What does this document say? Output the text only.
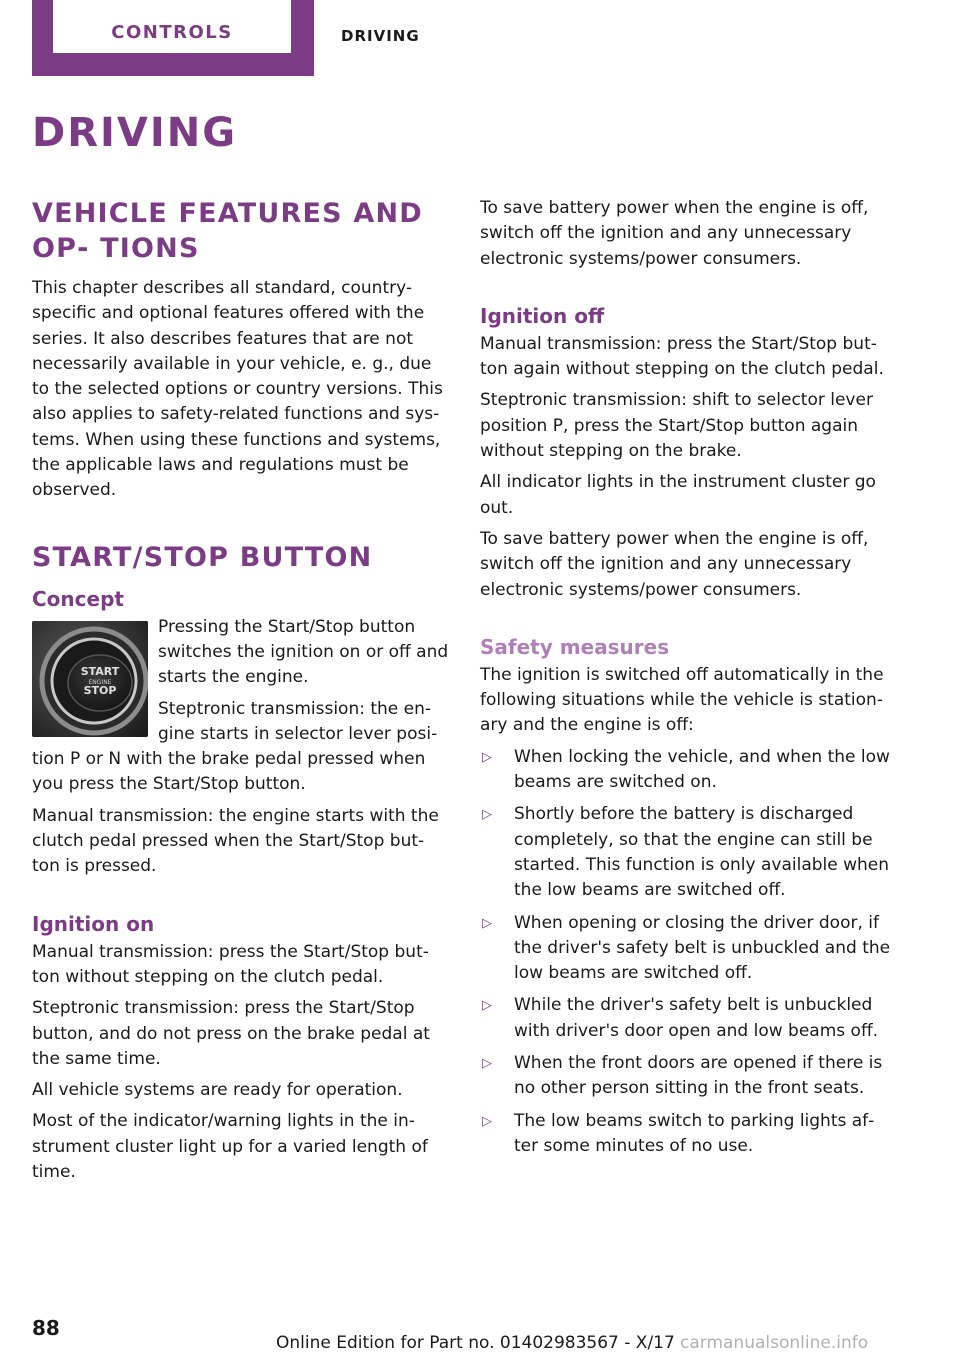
CONTROLS	DRIVING
DRIVING
VEHICLE FEATURES AND OP‐ TIONS

This chapter describes all standard, country-specific and optional features offered with the series. It also describes features that are not necessarily available in your vehicle, e. g., due to the selected options or country versions. This also applies to safety-related functions and sys‐ tems. When using these functions and systems, the applicable laws and regulations must be observed.

START/STOP BUTTON
Concept
START
ENGINE
STOP

Pressing the Start/Stop button switches the ignition on or off and starts the engine.

Steptronic transmission: the en‐ gine starts in selector lever posi‐ tion P or N with the brake pedal pressed when you press the Start/Stop button.

Manual transmission: the engine starts with the clutch pedal pressed when the Start/Stop but‐ ton is pressed.

Ignition on

Manual transmission: press the Start/Stop but‐ ton without stepping on the clutch pedal.

Steptronic transmission: press the Start/Stop button, and do not press on the brake pedal at the same time.

All vehicle systems are ready for operation.

Most of the indicator/warning lights in the in‐ strument cluster light up for a varied length of time.

To save battery power when the engine is off, switch off the ignition and any unnecessary electronic systems/power consumers.

Ignition off

Manual transmission: press the Start/Stop but‐ ton again without stepping on the clutch pedal.

Steptronic transmission: shift to selector lever position P, press the Start/Stop button again without stepping on the brake.

All indicator lights in the instrument cluster go out.

To save battery power when the engine is off, switch off the ignition and any unnecessary electronic systems/power consumers.

Safety measures

The ignition is switched off automatically in the following situations while the vehicle is station‐ ary and the engine is off:

▷ When locking the vehicle, and when the low beams are switched on.
▷ Shortly before the battery is discharged completely, so that the engine can still be started. This function is only available when the low beams are switched off.
▷ When opening or closing the driver door, if the driver's safety belt is unbuckled and the low beams are switched off.
▷ While the driver's safety belt is unbuckled with driver's door open and low beams off.
▷ When the front doors are opened if there is no other person sitting in the front seats.
▷ The low beams switch to parking lights af‐ ter some minutes of no use.
88
Online Edition for Part no. 01402983567 - X/17 carmanualsonline.info
